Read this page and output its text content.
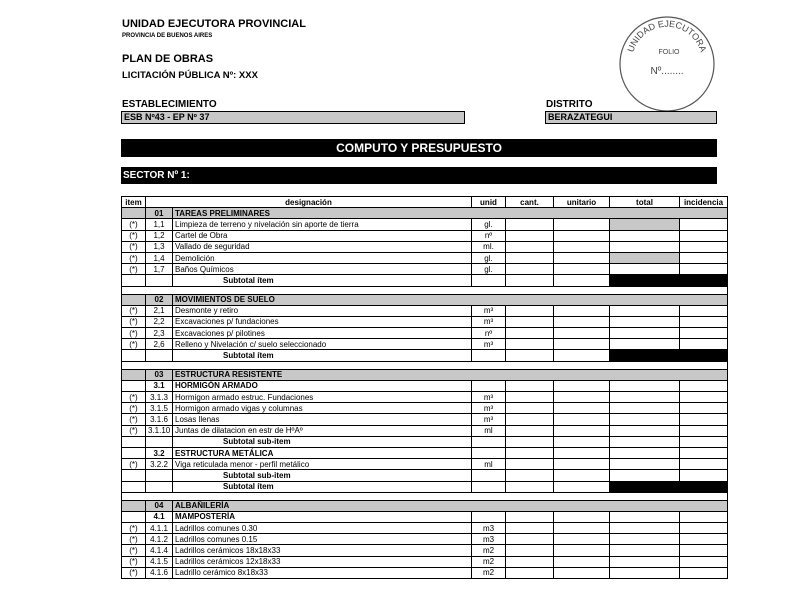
UNIDAD EJECUTORA PROVINCIAL
PROVINCIA DE BUENOS AIRES
PLAN DE OBRAS
LICITACIÓN PÚBLICA Nº: XXX
UNIDAD EJECUTORA
FOLIO
Nº........
ESTABLECIMIENTO
ESB Nº43 - EP Nº 37
DISTRITO
BERAZATEGUI
COMPUTO Y PRESUPUESTO
SECTOR Nº 1:
item	designación		unid	cant.	unitario	total	incidencia
	01	TAREAS PRELIMINARES					
(*)	1,1	Limpieza de terreno y nivelación sin aporte de tierra	gl.				
(*)	1,2	Cartel de Obra	nº				
(*)	1,3	Vallado de seguridad	ml.				
(*)	1,4	Demolición	gl.				
(*)	1,7	Baños Químicos	gl.				
		Subtotal ítem					

	02	MOVIMIENTOS DE SUELO					
(*)	2,1	Desmonte y retiro	m³				
(*)	2,2	Excavaciones p/ fundaciones	m³				
(*)	2,3	Excavaciones p/ pilotines	nº				
(*)	2,6	Relleno y Nivelación c/ suelo seleccionado	m³				
		Subtotal ítem					

	03	ESTRUCTURA RESISTENTE					
	3.1	HORMIGÓN ARMADO					
(*)	3.1.3	Hormigon armado estruc. Fundaciones	m³				
(*)	3.1.5	Hormigon armado vigas y columnas	m³				
(*)	3.1.6	Losas llenas	m³				
(*)	3.1.10	Juntas de dilatacion en estr de HºAº	ml				
		Subtotal sub-item					
	3.2	ESTRUCTURA METÁLICA					
(*)	3.2.2	Viga reticulada menor - perfil metálico	ml				
		Subtotal sub-item					
		Subtotal ítem					

	04	ALBAÑILERÍA					
	4.1	MAMPOSTERÍA					
(*)	4.1.1	Ladrillos comunes 0.30	m3				
(*)	4.1.2	Ladrillos comunes 0.15	m3				
(*)	4.1.4	Ladrillos cerámicos 18x18x33	m2				
(*)	4.1.5	Ladrillos cerámicos 12x18x33	m2				
(*)	4.1.6	Ladrillo cerámico 8x18x33	m2				
